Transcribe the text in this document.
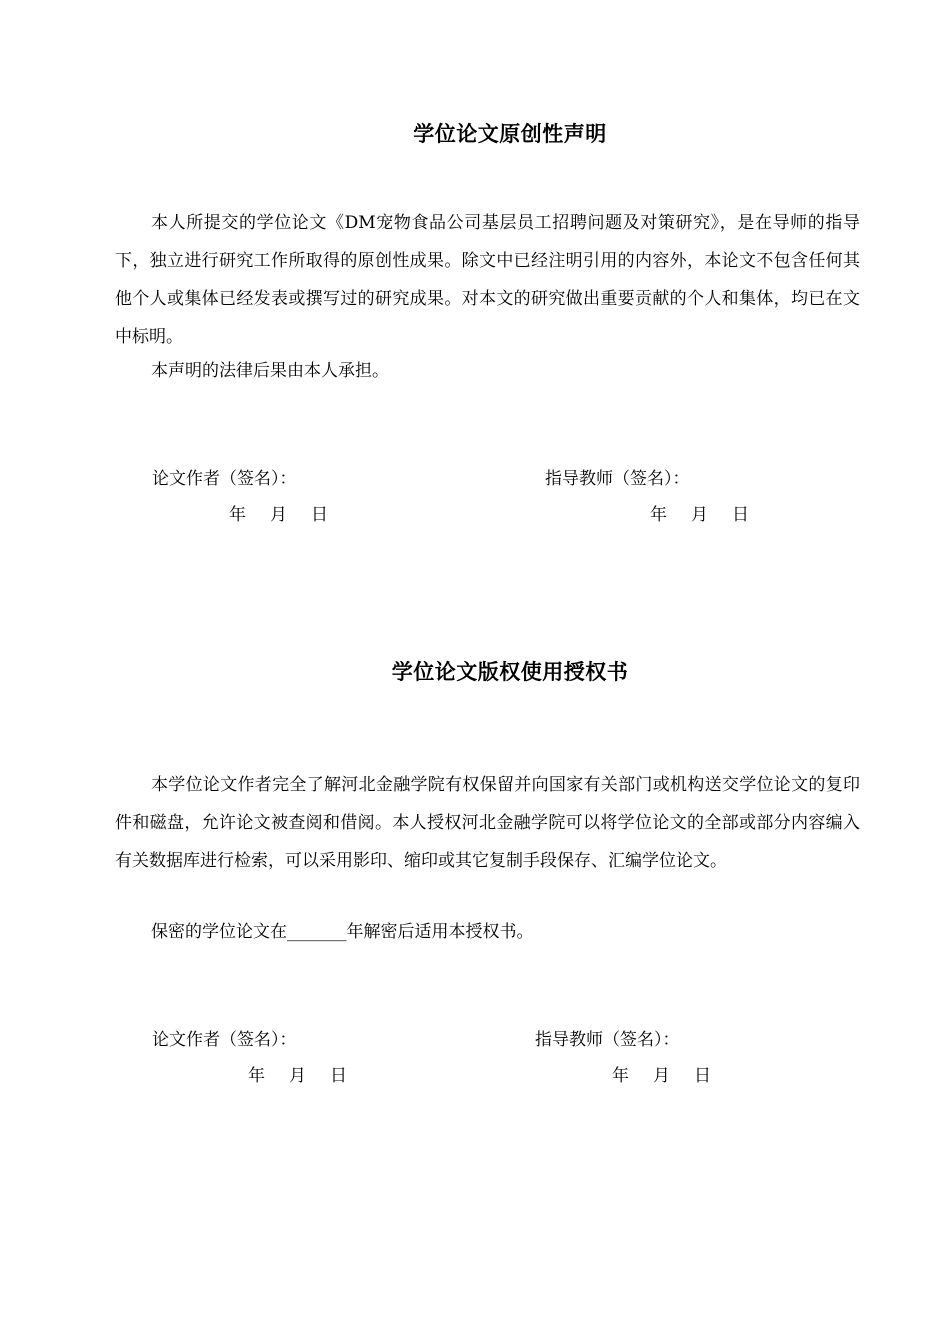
学位论文原创性声明

本人所提交的学位论文《DM宠物食品公司基层员工招聘问题及对策研究》，是在导师的指导下，独立进行研究工作所取得的原创性成果。除文中已经注明引用的内容外，本论文不包含任何其他个人或集体已经发表或撰写过的研究成果。对本文的研究做出重要贡献的个人和集体，均已在文中标明。

本声明的法律后果由本人承担。

论文作者（签名）：	指导教师（签名）：
年 月 日	年 月 日
学位论文版权使用授权书

本学位论文作者完全了解河北金融学院有权保留并向国家有关部门或机构送交学位论文的复印件和磁盘，允许论文被查阅和借阅。本人授权河北金融学院可以将学位论文的全部或部分内容编入有关数据库进行检索，可以采用影印、缩印或其它复制手段保存、汇编学位论文。

保密的学位论文在_______年解密后适用本授权书。

论文作者（签名）：	指导教师（签名）：
年 月 日	年 月 日
